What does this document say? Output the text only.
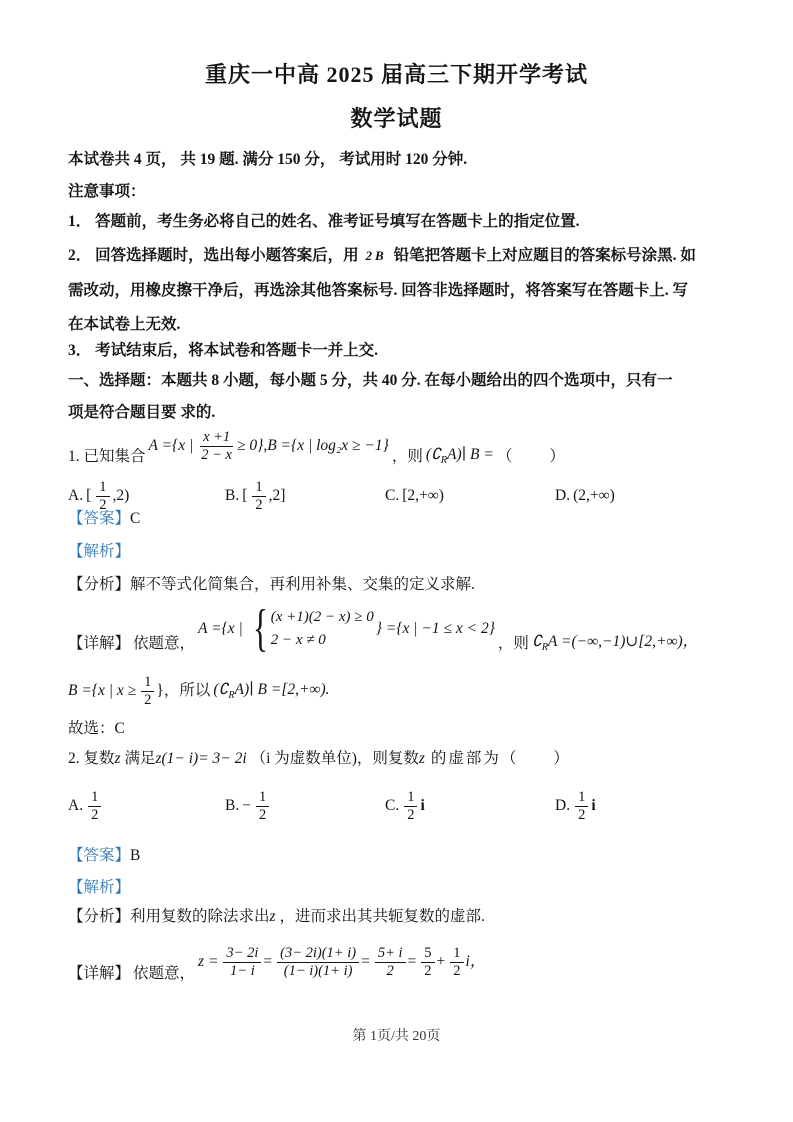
重庆一中高 2025 届高三下期开学考试
数学试题
本试卷共 4 页， 共 19 题. 满分 150 分， 考试用时 120 分钟.
注意事项：
1． 答题前，考生务必将自己的姓名、准考证号填写在答题卡上的指定位置.
2． 回答选择题时，选出每小题答案后，用 2B 铅笔把答题卡上对应题目的答案标号涂黑. 如
需改动，用橡皮擦干净后，再选涂其他答案标号. 回答非选择题时，将答案写在答题卡上. 写
在本试卷上无效.
3． 考试结束后，将本试卷和答题卡一并上交.
一、选择题：本题共 8 小题，每小题 5 分，共 40 分. 在每小题给出的四个选项中，只有一
项是符合题目要 求的.
1. 已知集合
A ={x | $\frac{x +1}{2 - x} \ge 0\},B =\{x$ | log₂x ≥ −1}
，则 $(∁_RA)∣$ B = （　　）
A. [ $\frac{1}{2} ,2$)	B. [ $\frac{1}{2} ,2$]	C. [2,+∞)	D. (2,+∞)
【答案】C
【解析】
【分析】解不等式化简集合，再利用补集、交集的定义求解.
【详解】 依题意，
A ={x | { (x +1)(2 − x) ≥ 0
2 − x ≠ 0
} ={x | −1 ≤ x < 2}
，则 $∁_RA$ =(−∞,−1)∪[2,+∞)，
B ={x | $x \ge \frac{1}{2}$ }，所以 $(∁_RA)∣$ B =[2,+∞).
故选：C
2. 复数z 满足z(1− i)= 3− 2i （i 为虚数单位)，则复数z 的虚部为（　　）
A. $\frac{1}{2}$	B. − $\frac{1}{2}$	C. $\frac{1}{2}$ i	D. $\frac{1}{2}$ i
【答案】B
【解析】
【分析】利用复数的除法求出z ，进而求出其共轭复数的虚部.
【详解】 依题意，
$z = \frac{3- 2i}{1- i} = \frac{(3- 2i)(1+ i)}{(1- i)(1+ i)} = \frac{5+ i}{2} = \frac{5}{2} + \frac{1}{2}$ i，
第 1页/共 20页
